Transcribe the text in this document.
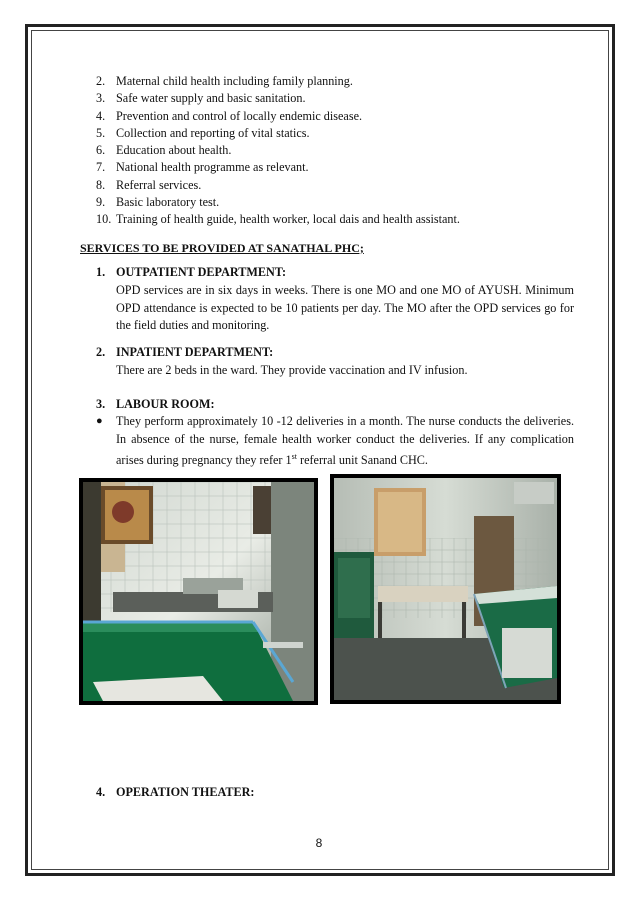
2. Maternal child health including family planning.
3. Safe water supply and basic sanitation.
4. Prevention and control of locally endemic disease.
5. Collection and reporting of vital statics.
6. Education about health.
7. National health programme as relevant.
8. Referral services.
9. Basic laboratory test.
10. Training of health guide, health worker, local dais and health assistant.
SERVICES TO BE PROVIDED AT SANATHAL PHC;
1. OUTPATIENT DEPARTMENT:
OPD services are in six days in weeks. There is one MO and one MO of AYUSH. Minimum OPD attendance is expected to be 10 patients per day. The MO after the OPD services go for the field duties and monitoring.
2. INPATIENT DEPARTMENT:
There are 2 beds in the ward. They provide vaccination and IV infusion.
3. LABOUR ROOM:
●	They perform approximately 10 -12 deliveries in a month. The nurse conducts the deliveries. In absence of the nurse, female health worker conduct the deliveries. If any complication arises during pregnancy they refer 1st referral unit Sanand CHC.
4. OPERATION THEATER:
8
